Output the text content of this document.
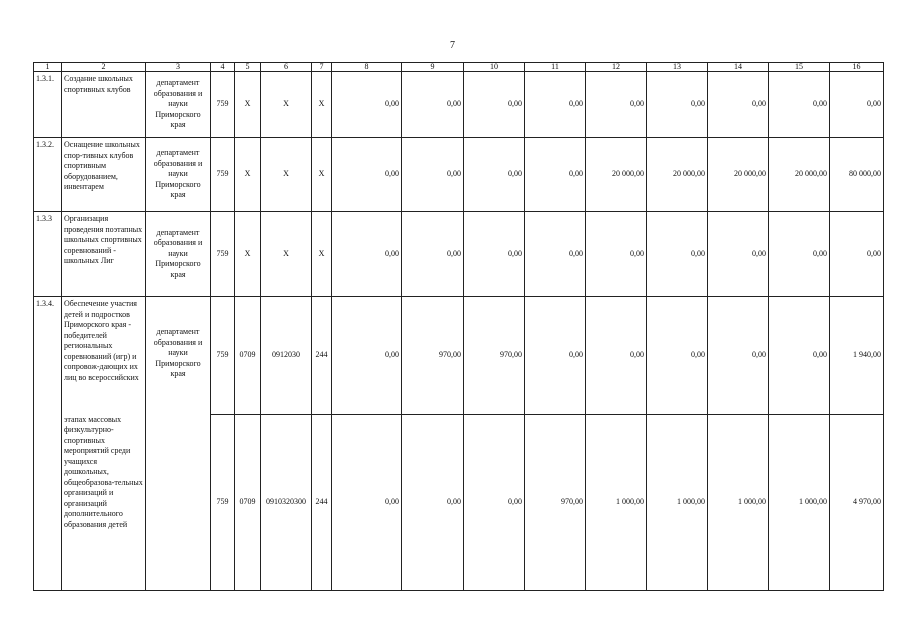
7
1	2	3	4	5	6	7	8	9	10	11	12	13	14	15	16
1.3.1.	Создание школьных спортивных клубов	департамент образования и науки Приморского края	759	Х	Х	Х	0,00	0,00	0,00	0,00	0,00	0,00	0,00	0,00	0,00
1.3.2.	Оснащение школьных спор-тивных клубов спортивным оборудованием, инвентарем	департамент образования и науки Приморского края	759	Х	Х	Х	0,00	0,00	0,00	0,00	20 000,00	20 000,00	20 000,00	20 000,00	80 000,00
1.3.3	Организация проведения поэтапных школьных спортивных соревнований - школьных Лиг	департамент образования и науки Приморского края	759	Х	Х	Х	0,00	0,00	0,00	0,00	0,00	0,00	0,00	0,00	0,00
1.3.4.	Обеспечение участия детей и подростков Приморского края - победителей региональных соревнований (игр) и сопровож-дающих их лиц во всероссийских	департамент образования и науки Приморского края	759	0709	0912030	244	0,00	970,00	970,00	0,00	0,00	0,00	0,00	0,00	1 940,00
	этапах массовых физкультурно-спортивных мероприятий среди учащихся дошкольных, общеобразова-тельных организаций и организаций дополнительного образования детей		759	0709	0910320300	244	0,00	0,00	0,00	970,00	1 000,00	1 000,00	1 000,00	1 000,00	4 970,00
